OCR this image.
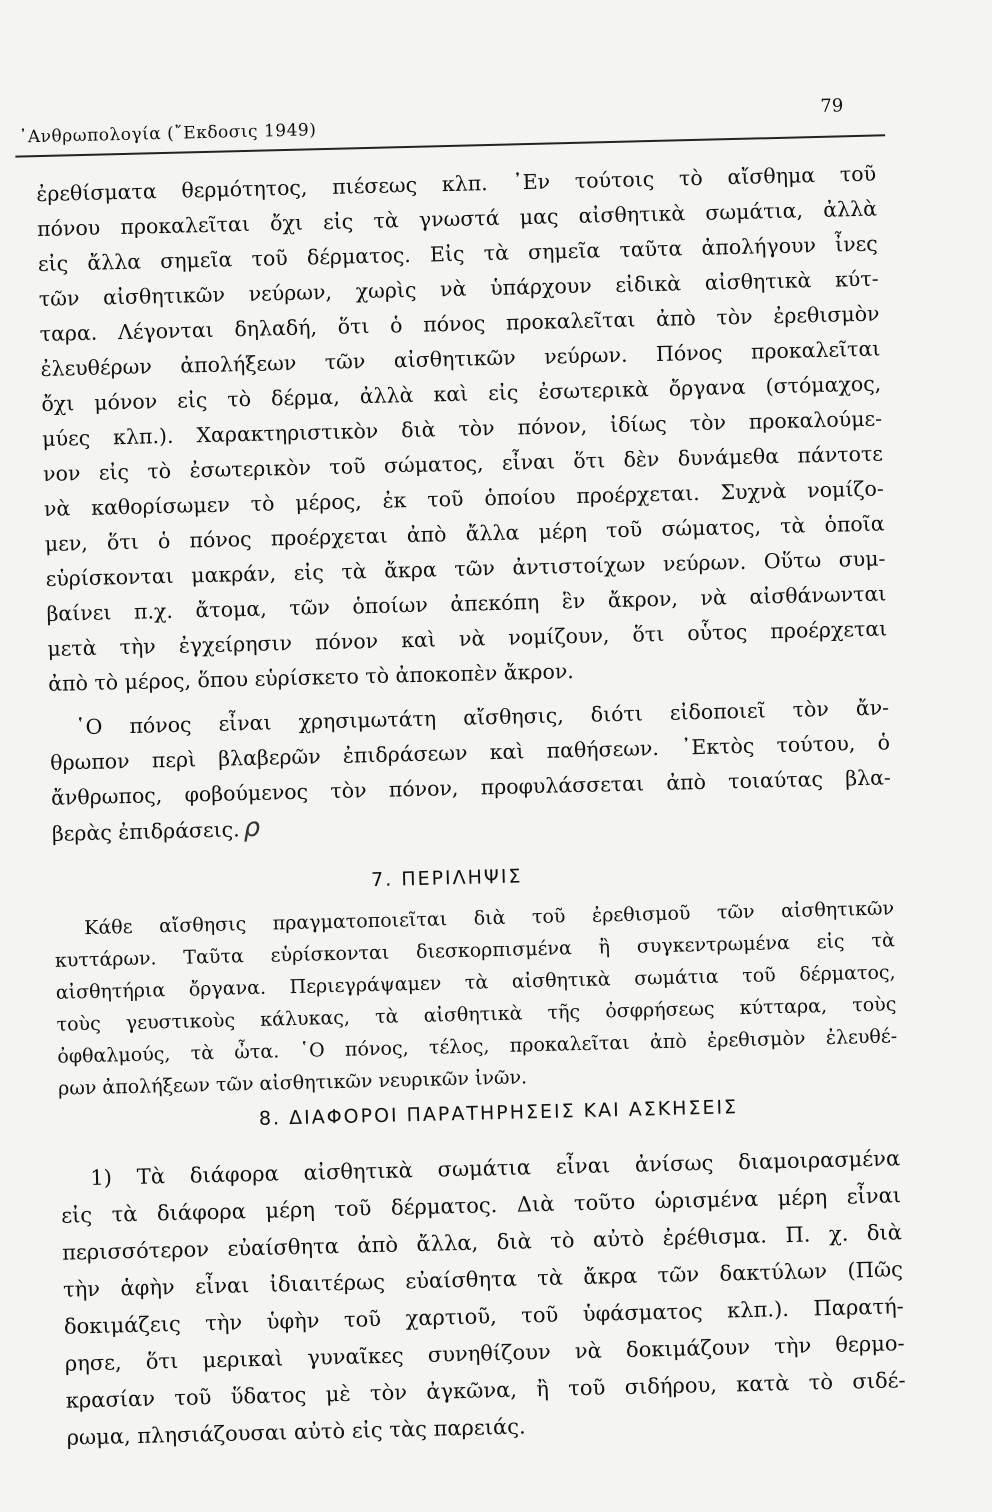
᾿Ανθρωπολογία (῎Εκδοσις 1949)
79
ἐρεθίσματα θερμότητος, πιέσεως κλπ. ᾿Εν τούτοις τὸ αἴσθημα τοῦ
πόνου προκαλεῖται ὄχι εἰς τὰ γνωστά μας αἰσθητικὰ σωμάτια, ἀλλὰ
εἰς ἄλλα σημεῖα τοῦ δέρματος. Εἰς τὰ σημεῖα ταῦτα ἀπολήγουν ἶνες
τῶν αἰσθητικῶν νεύρων, χωρὶς νὰ ὑπάρχουν εἰδικὰ αἰσθητικὰ κύτ-
ταρα. Λέγονται δηλαδή, ὅτι ὁ πόνος προκαλεῖται ἀπὸ τὸν ἐρεθισμὸν
ἐλευθέρων ἀπολήξεων τῶν αἰσθητικῶν νεύρων. Πόνος προκαλεῖται
ὄχι μόνον εἰς τὸ δέρμα, ἀλλὰ καὶ εἰς ἐσωτερικὰ ὄργανα (στόμαχος,
μύες κλπ.). Χαρακτηριστικὸν διὰ τὸν πόνον, ἰδίως τὸν προκαλούμε-
νον εἰς τὸ ἐσωτερικὸν τοῦ σώματος, εἶναι ὅτι δὲν δυνάμεθα πάντοτε
νὰ καθορίσωμεν τὸ μέρος, ἐκ τοῦ ὁποίου προέρχεται. Συχνὰ νομίζο-
μεν, ὅτι ὁ πόνος προέρχεται ἀπὸ ἄλλα μέρη τοῦ σώματος, τὰ ὁποῖα
εὑρίσκονται μακράν, εἰς τὰ ἄκρα τῶν ἀντιστοίχων νεύρων. Οὕτω συμ-
βαίνει π.χ. ἄτομα, τῶν ὁποίων ἀπεκόπη ἓν ἄκρον, νὰ αἰσθάνωνται
μετὰ τὴν ἐγχείρησιν πόνον καὶ νὰ νομίζουν, ὅτι οὗτος προέρχεται
ἀπὸ τὸ μέρος, ὅπου εὑρίσκετο τὸ ἀποκοπὲν ἄκρον.
῾Ο πόνος εἶναι χρησιμωτάτη αἴσθησις, διότι εἰδοποιεῖ τὸν ἄν-
θρωπον περὶ βλαβερῶν ἐπιδράσεων καὶ παθήσεων. ᾿Εκτὸς τούτου, ὁ
ἄνθρωπος, φοβούμενος τὸν πόνον, προφυλάσσεται ἀπὸ τοιαύτας βλα-
βερὰς ἐπιδράσεις. ρ
7. ΠΕΡΙΛΗΨΙΣ
Κάθε αἴσθησις πραγματοποιεῖται διὰ τοῦ ἐρεθισμοῦ τῶν αἰσθητικῶν
κυττάρων. Ταῦτα εὑρίσκονται διεσκορπισμένα ἢ συγκεντρωμένα εἰς τὰ
αἰσθητήρια ὄργανα. Περιεγράψαμεν τὰ αἰσθητικὰ σωμάτια τοῦ δέρματος,
τοὺς γευστικοὺς κάλυκας, τὰ αἰσθητικὰ τῆς ὀσφρήσεως κύτταρα, τοὺς
ὀφθαλμούς, τὰ ὦτα. ῾Ο πόνος, τέλος, προκαλεῖται ἀπὸ ἐρεθισμὸν ἐλευθέ-
ρων ἀπολήξεων τῶν αἰσθητικῶν νευρικῶν ἰνῶν.
8. ΔΙΑΦΟΡΟΙ ΠΑΡΑΤΗΡΗΣΕΙΣ ΚΑΙ ΑΣΚΗΣΕΙΣ
1) Τὰ διάφορα αἰσθητικὰ σωμάτια εἶναι ἀνίσως διαμοιρασμένα
εἰς τὰ διάφορα μέρη τοῦ δέρματος. Διὰ τοῦτο ὡρισμένα μέρη εἶναι
περισσότερον εὐαίσθητα ἀπὸ ἄλλα, διὰ τὸ αὐτὸ ἐρέθισμα. Π. χ. διὰ
τὴν ἁφὴν εἶναι ἰδιαιτέρως εὐαίσθητα τὰ ἄκρα τῶν δακτύλων (Πῶς
δοκιμάζεις τὴν ὑφὴν τοῦ χαρτιοῦ, τοῦ ὑφάσματος κλπ.). Παρατή-
ρησε, ὅτι μερικαὶ γυναῖκες συνηθίζουν νὰ δοκιμάζουν τὴν θερμο-
κρασίαν τοῦ ὕδατος μὲ τὸν ἀγκῶνα, ἢ τοῦ σιδήρου, κατὰ τὸ σιδέ-
ρωμα, πλησιάζουσαι αὐτὸ εἰς τὰς παρειάς.
